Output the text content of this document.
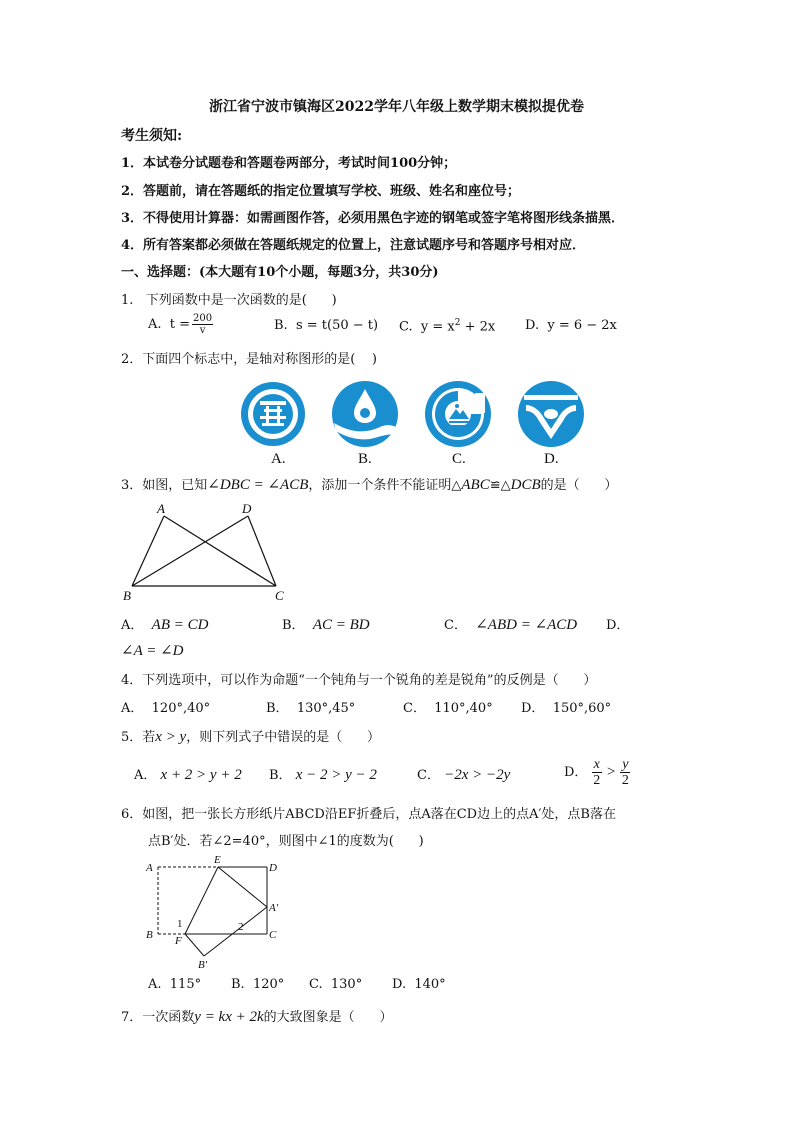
浙江省宁波市镇海区2022学年八年级上数学期末模拟提优卷
考生须知:
1．本试卷分试题卷和答题卷两部分，考试时间100分钟；
2．答题前，请在答题纸的指定位置填写学校、班级、姓名和座位号；
3．不得使用计算器：如需画图作答，必须用黑色字迹的钢笔或签字笔将图形线条描黑．
4．所有答案都必须做在答题纸规定的位置上，注意试题序号和答题序号相对应．
一、选择题：(本大题有10个小题，每题3分，共30分)
1.   下列函数中是一次函数的是(      )
A.  $t = \frac{200}{v}$	B.  s = t(50 − t) C.  $y = x^2 + 2x$ D.  y = 6 − 2x
2．下面四个标志中，是轴对称图形的是(    )
A.	B.	C.	D.
3．如图，已知∠DBC = ∠ACB，添加一个条件不能证明△ABC≌△DCB的是（      ）
A	D
B	C
A． AB = CD	B． AC = BD	C． ∠ABD = ∠ACD D．
∠A = ∠D
4．下列选项中，可以作为命题“一个钝角与一个锐角的差是锐角”的反例是（      ）
A．  120°,40°	B．  130°,45°	C．  110°,40° D．  150°,60°
5．若x > y，则下列式子中错误的是（      ）
A． x + 2 > y + 2 B． x − 2 > y − 2	C． −2x > −2y	D． $\frac{x}{2} > \frac{y}{2}$
6．如图，把一张长方形纸片ABCD沿EF折叠后，点A落在CD边上的点A′处，点B落在
点B′处．若∠2=40°，则图中∠1的度数为(      )
A
E
D
A′
1
F
2
B	C
B′
A.  115° B.  120° C.  130° D.  140°
7．一次函数y = kx + 2k的大致图象是（      ）
